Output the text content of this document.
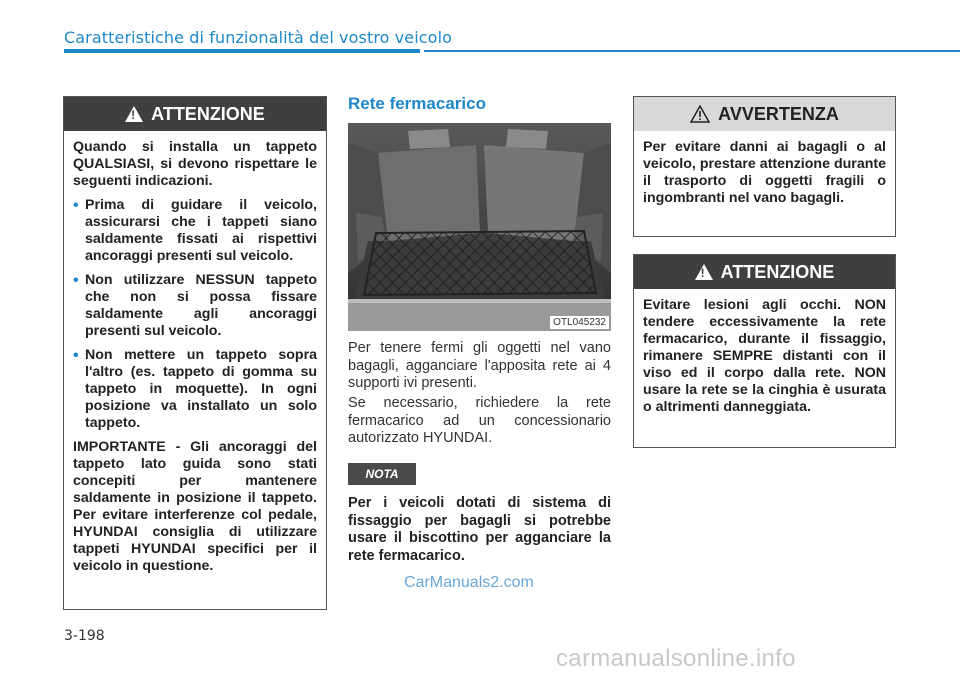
Caratteristiche di funzionalità del vostro veicolo
!
ATTENZIONE

Quando si installa un tappeto QUALSIASI, si devono rispettare le seguenti indicazioni.

• Prima di guidare il veicolo, assicurarsi che i tappeti siano saldamente fissati ai rispettivi ancoraggi presenti sul veicolo.
• Non utilizzare NESSUN tappeto che non si possa fissare saldamente agli ancoraggi presenti sul veicolo.
• Non mettere un tappeto sopra l'altro (es. tappeto di gomma su tappeto in moquette). In ogni posizione va installato un solo tappeto.

IMPORTANTE - Gli ancoraggi del tappeto lato guida sono stati concepiti per mantenere saldamente in posizione il tappeto. Per evitare interferenze col pedale, HYUNDAI consiglia di utilizzare tappeti HYUNDAI specifici per il veicolo in questione.

Rete fermacarico
OTL045232
Per tenere fermi gli oggetti nel vano bagagli, agganciare l'apposita rete ai 4 supporti ivi presenti.
Se necessario, richiedere la rete fermacarico ad un concessionario autorizzato HYUNDAI.
NOTA
Per i veicoli dotati di sistema di fissaggio per bagagli si potrebbe usare il biscottino per agganciare la rete fermacarico.
CarManuals2.com
AVVERTENZA

Per evitare danni ai bagagli o al veicolo, prestare attenzione durante il trasporto di oggetti fragili o ingombranti nel vano bagagli.

!
ATTENZIONE

Evitare lesioni agli occhi. NON tendere eccessivamente la rete fermacarico, durante il fissaggio, rimanere SEMPRE distanti con il viso ed il corpo dalla rete. NON usare la rete se la cinghia è usurata o altrimenti danneggiata.

3-198
carmanualsonline.info
